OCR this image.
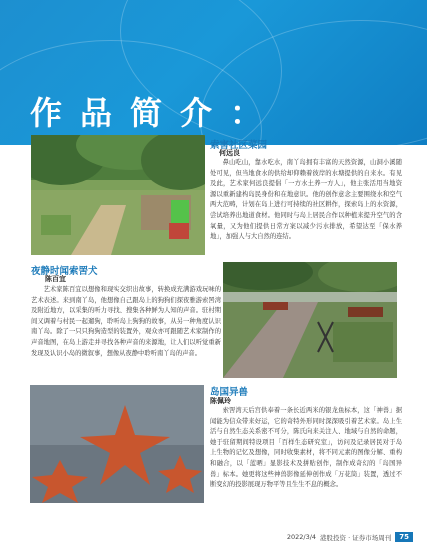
作品简介：
索害社区菜园
何远良

鼻山吃山，靠水吃水，南丫岛拥有丰富的天然资源，山洞小溪随处可见，但当地食水的供给却仰赖着彼岸的水塘提供的自来水。有见及此，艺术家何远良提倡「一方水土养一方人」，他主张活用当地资源以重新建构岛民身份和在地意识。他的创作意念主要围绕水和空气两大范畴，计划在岛上进行可持续的社区耕作，探索岛上的水资源，尝试培养出地道食材。他同时与岛上居民合作以种植来提升空气的含氧量，又为他们提供日常方案以减少污水排放，希望达至「保水养地」，加强人与大自然的连结。

夜静时闻索罟犬
陈百宜

艺术家陈百宜以想像和现实交织出故事，转换成充满游戏玩味的艺术表述。来到南丫岛，他想像自己跟岛上的狗狗们探夜雅游索罟湾及附近地方，以采集的听力寻找、搜集各种鲜为人知的声音。驻村期间又调着与村民一起遛狗，聆听岛上狗狗的故事，从另一种角度认识南丫岛。除了一只只狗狗造型的装置外，观众亦可跟随艺术家制作的声音地图，在岛上游走并寻找各种声音的来源地，让人们以听觉重新发现及认识小岛的微叙事，想像从夜静中聆听南丫岛的声音。

岛国异兽
陈佩玲

索罟湾天后宫供奉着一条长近两米的银龙鱼标本，这「神兽」据闻能为信众带来好运，它的奇特外形同时深深吸引着艺术家。岛上生活与自然生态关系密不可分，陈氏向来关注人、地域与自然的命题，她于驻留期间特设项目「百样生态研究室」，访问及记录居民对于岛上生物的记忆及想像，同时收集素材，将不同元素的图像分解、重构和融合，以「蓝晒」显影技术及拼贴创作，制作成奇幻的「岛国异兽」标本。她更将这些神兽影像延伸创作成「万花筒」装置，透过不断变幻的投影展现万物平等且生生不息的概念。

2022/3/4 港股投资 · 证券市场周刊	75
